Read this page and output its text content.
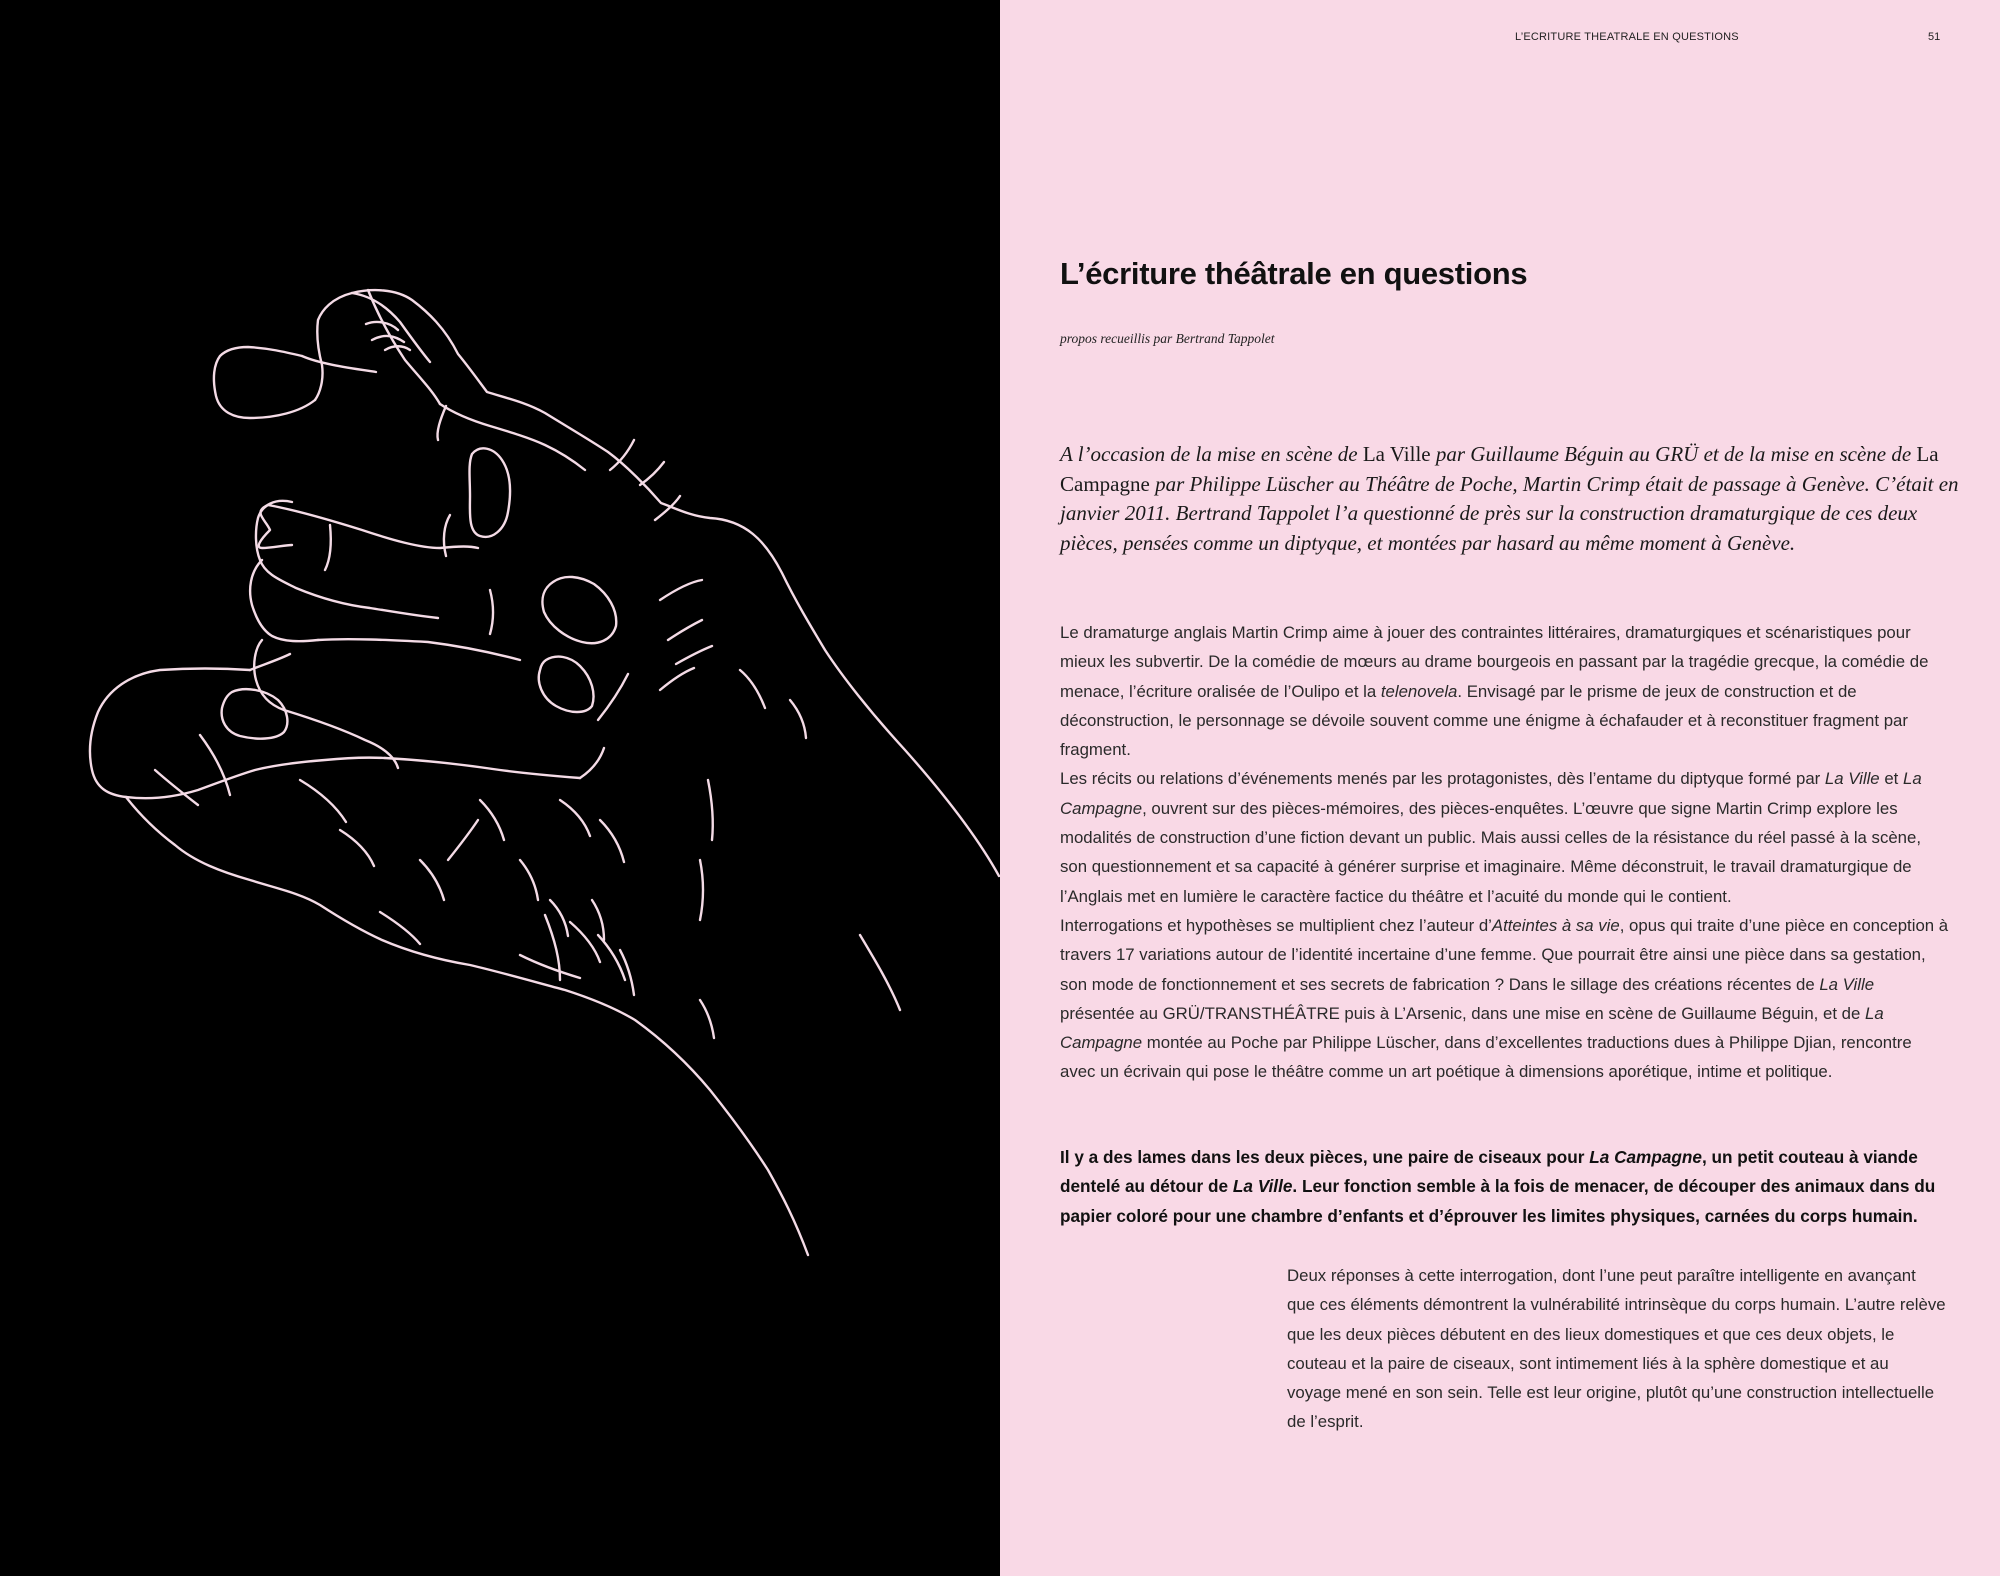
L’ECRITURE THEATRALE EN QUESTIONS	51
L’écriture théâtrale en questions

propos recueillis par Bertrand Tappolet

A l’occasion de la mise en scène de La Ville par Guillaume Béguin au GRÜ et de la mise en scène de La Campagne par Philippe Lüscher au Théâtre de Poche, Martin Crimp était de passage à Genève. C’était en janvier 2011. Bertrand Tappolet l’a questionné de près sur la construction dramaturgique de ces deux pièces, pensées comme un diptyque, et montées par hasard au même moment à Genève.

Le dramaturge anglais Martin Crimp aime à jouer des contraintes littéraires, dramaturgiques et scénaristiques pour mieux les subvertir. De la comédie de mœurs au drame bourgeois en passant par la tragédie grecque, la comédie de menace, l’écriture oralisée de l’Oulipo et la telenovela. Envisagé par le prisme de jeux de construction et de déconstruction, le personnage se dévoile souvent comme une énigme à échafauder et à reconstituer fragment par fragment.

Les récits ou relations d’événements menés par les protagonistes, dès l’entame du diptyque formé par La Ville et La Campagne, ouvrent sur des pièces-mémoires, des pièces-enquêtes. L’œuvre que signe Martin Crimp explore les modalités de construction d’une fiction devant un public. Mais aussi celles de la résistance du réel passé à la scène, son questionnement et sa capacité à générer surprise et imaginaire. Même déconstruit, le travail dramaturgique de l’Anglais met en lumière le caractère factice du théâtre et l’acuité du monde qui le contient.

Interrogations et hypothèses se multiplient chez l’auteur d’Atteintes à sa vie, opus qui traite d’une pièce en conception à travers 17 variations autour de l’identité incertaine d’une femme. Que pourrait être ainsi une pièce dans sa gestation, son mode de fonctionnement et ses secrets de fabrication ? Dans le sillage des créations récentes de La Ville présentée au GRÜ/TRANSTHÉÂTRE puis à L’Arsenic, dans une mise en scène de Guillaume Béguin, et de La Campagne montée au Poche par Philippe Lüscher, dans d’excellentes traductions dues à Philippe Djian, rencontre avec un écrivain qui pose le théâtre comme un art poétique à dimensions aporétique, intime et politique.

Il y a des lames dans les deux pièces, une paire de ciseaux pour La Campagne, un petit couteau à viande dentelé au détour de La Ville. Leur fonction semble à la fois de menacer, de découper des animaux dans du papier coloré pour une chambre d’enfants et d’éprouver les limites physiques, carnées du corps humain.

Deux réponses à cette interrogation, dont l’une peut paraître intelligente en avançant que ces éléments démontrent la vulnérabilité intrinsèque du corps humain. L’autre relève que les deux pièces débutent en des lieux domestiques et que ces deux objets, le couteau et la paire de ciseaux, sont intimement liés à la sphère domestique et au voyage mené en son sein. Telle est leur origine, plutôt qu’une construction intellectuelle de l’esprit.
